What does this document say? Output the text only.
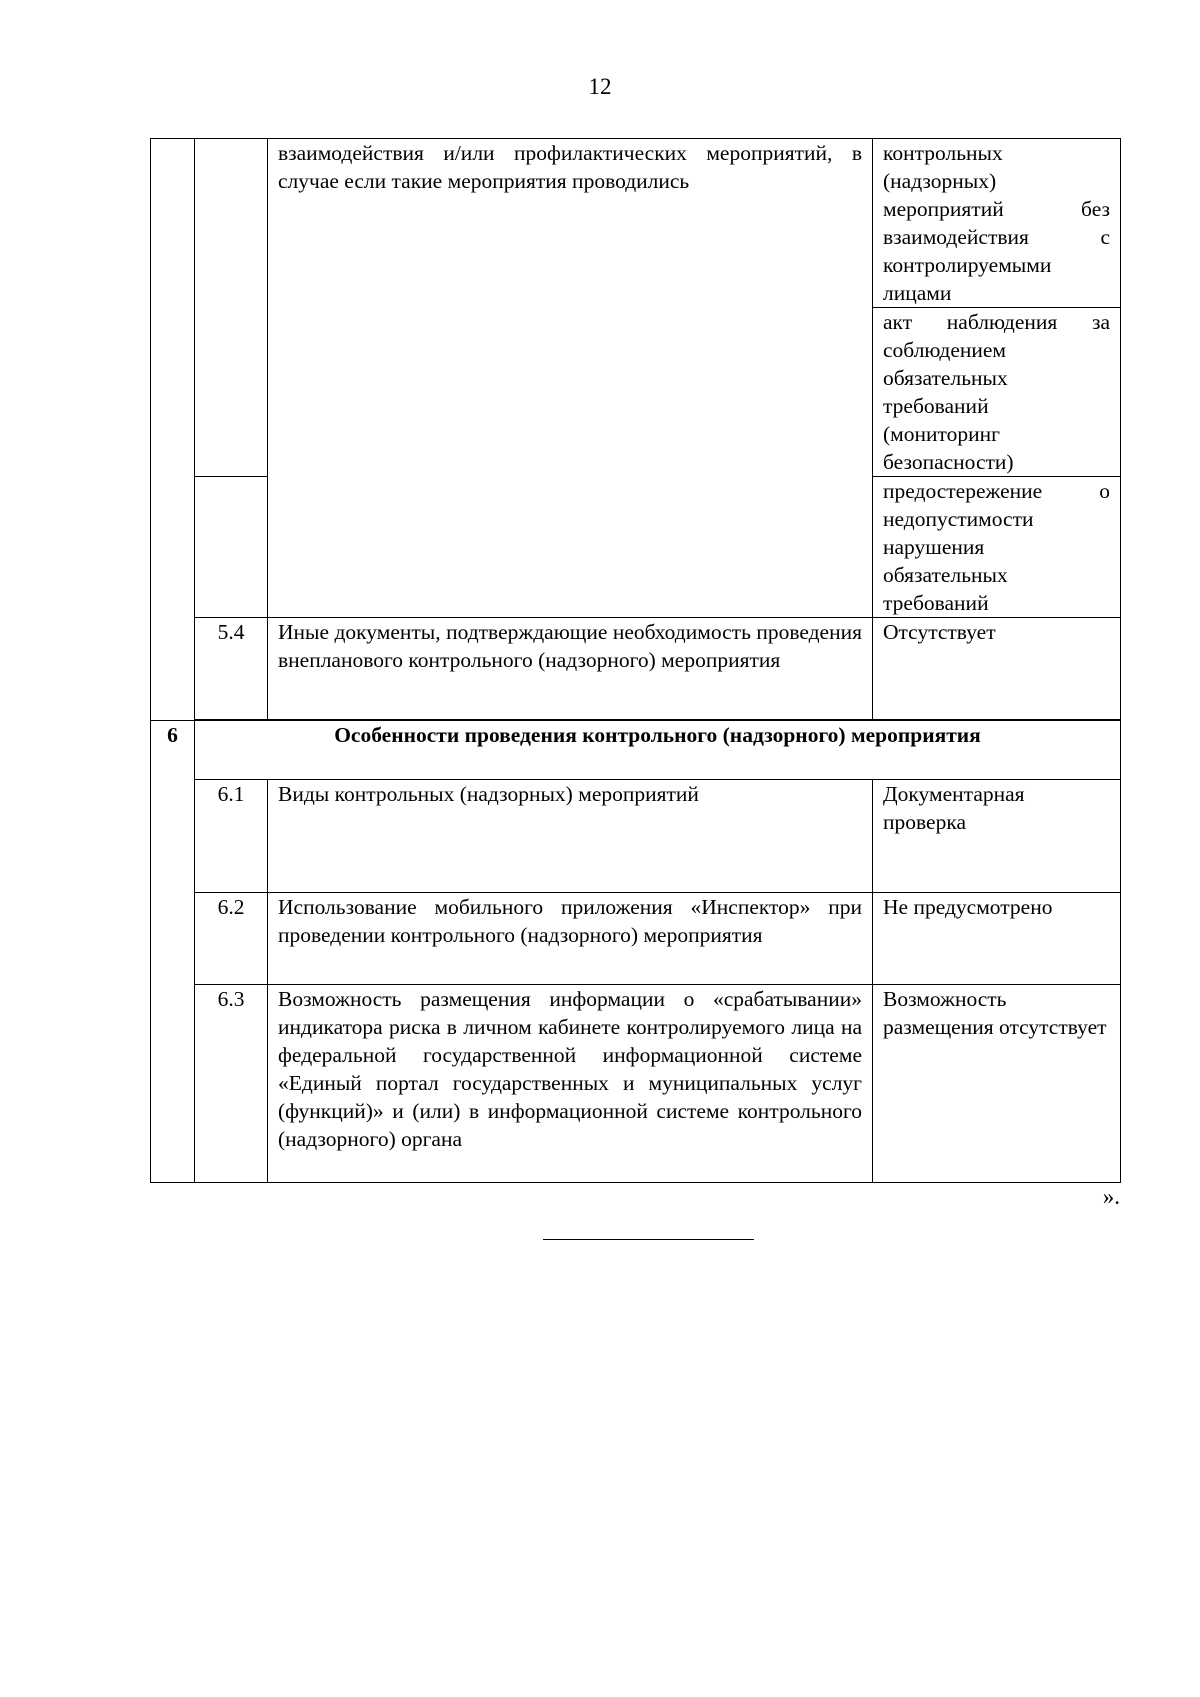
12
		взаимодействия и/или профилактических мероприятий, в случае если такие мероприятия проводились	контрольных (надзорных) мероприятий без взаимодействия с контролируемыми лицами
			акт наблюдения за соблюдением обязательных требований (мониторинг безопасности)
			предостережение о недопустимости нарушения обязательных требований
	5.4	Иные документы, подтверждающие необходимость проведения внепланового контрольного (надзорного) мероприятия	Отсутствует

6	Особенности проведения контрольного (надзорного) мероприятия		
	6.1	Виды контрольных (надзорных) мероприятий	Документарная проверка
	6.2	Использование мобильного приложения «Инспектор» при проведении контрольного (надзорного) мероприятия	Не предусмотрено
	6.3	Возможность размещения информации о «срабатывании» индикатора риска в личном кабинете контролируемого лица на федеральной государственной информационной системе «Единый портал государственных и муниципальных услуг (функций)» и (или) в информационной системе контрольного (надзорного) органа	Возможность размещения отсутствует
».
